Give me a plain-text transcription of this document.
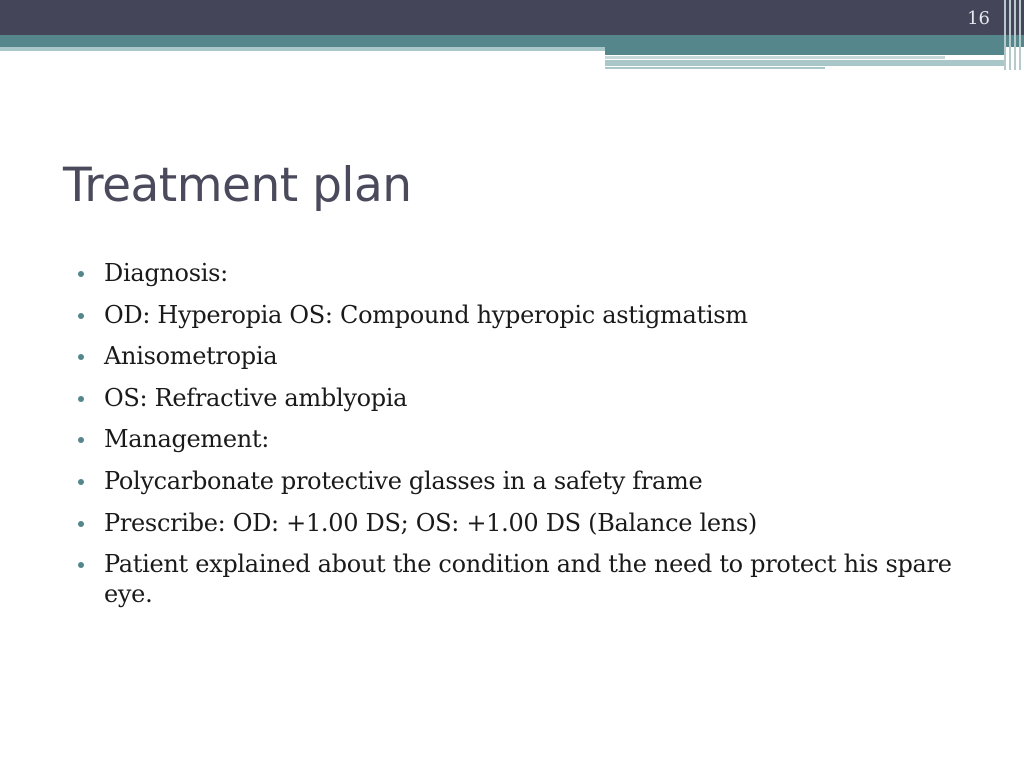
16
Treatment plan
Diagnosis:
OD: Hyperopia OS: Compound hyperopic astigmatism
Anisometropia
OS: Refractive amblyopia
Management:
Polycarbonate protective glasses in a safety frame
Prescribe: OD: +1.00 DS; OS: +1.00 DS (Balance lens)
Patient explained about the condition and the need to protect his spare eye.
